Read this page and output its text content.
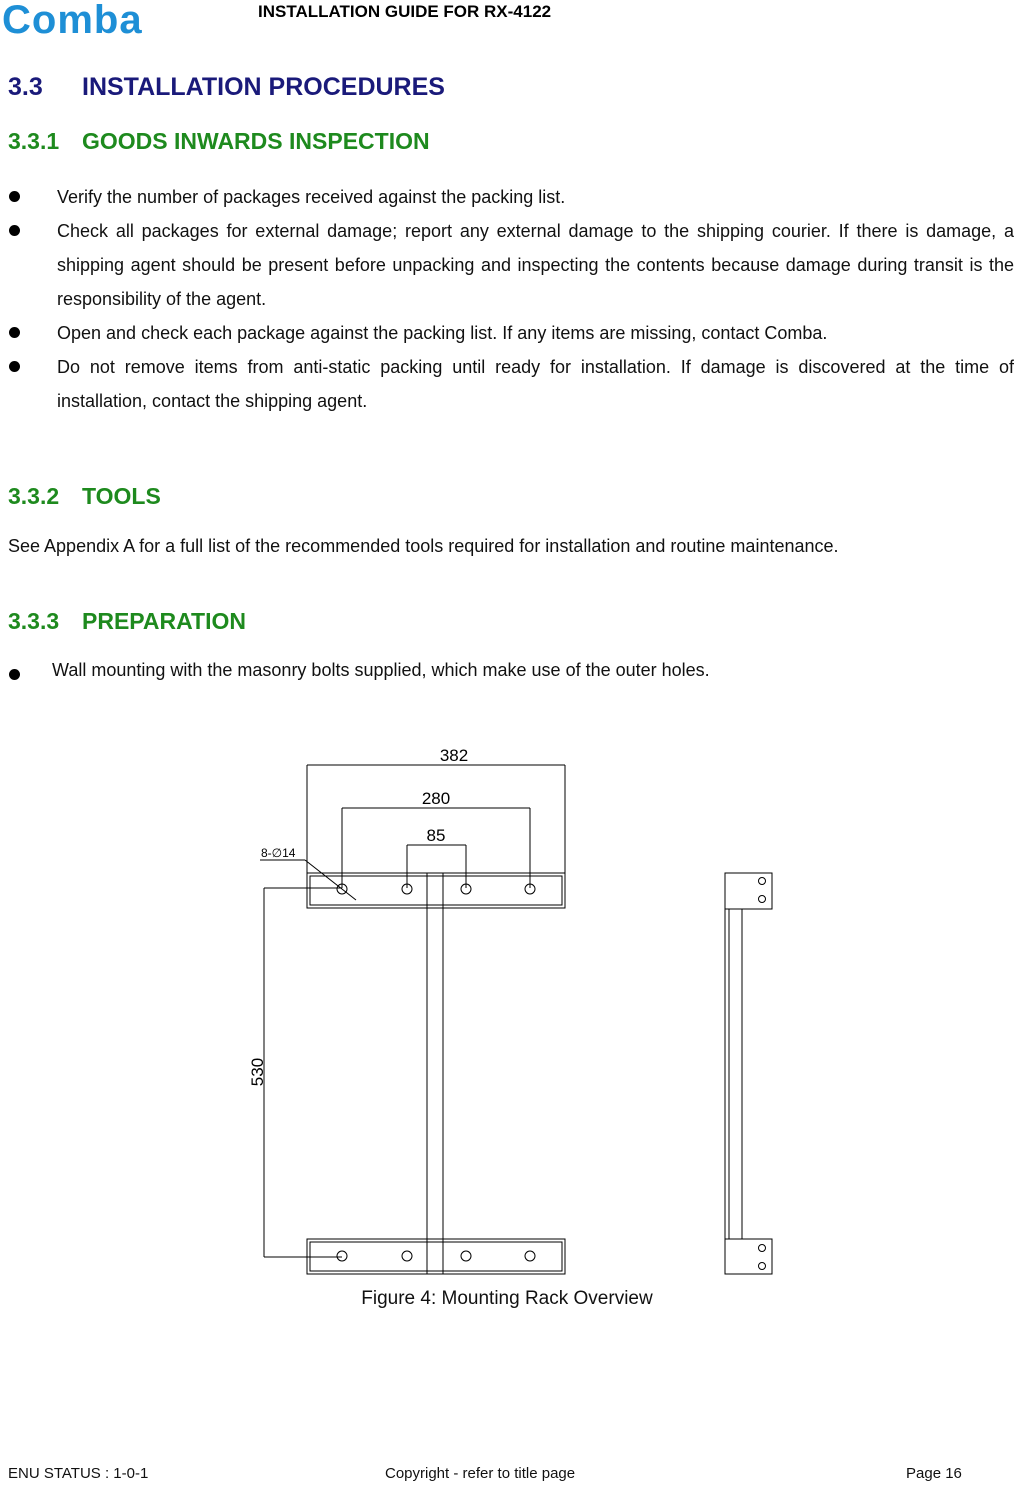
Comba	INSTALLATION GUIDE FOR RX-4122
3.3 INSTALLATION PROCEDURES
3.3.1 GOODS INWARDS INSPECTION
Verify the number of packages received against the packing list.
Check all packages for external damage; report any external damage to the shipping courier. If there is damage, a shipping agent should be present before unpacking and inspecting the contents because damage during transit is the responsibility of the agent.
Open and check each package against the packing list. If any items are missing, contact Comba.
Do not remove items from anti-static packing until ready for installation. If damage is discovered at the time of installation, contact the shipping agent.
3.3.2 TOOLS
See Appendix A for a full list of the recommended tools required for installation and routine maintenance.
3.3.3 PREPARATION
Wall mounting with the masonry bolts supplied, which make use of the outer holes.
382
280
85
8-∅14
530
Figure 4: Mounting Rack Overview
ENU STATUS : 1-0-1	Copyright - refer to title page	Page 16
